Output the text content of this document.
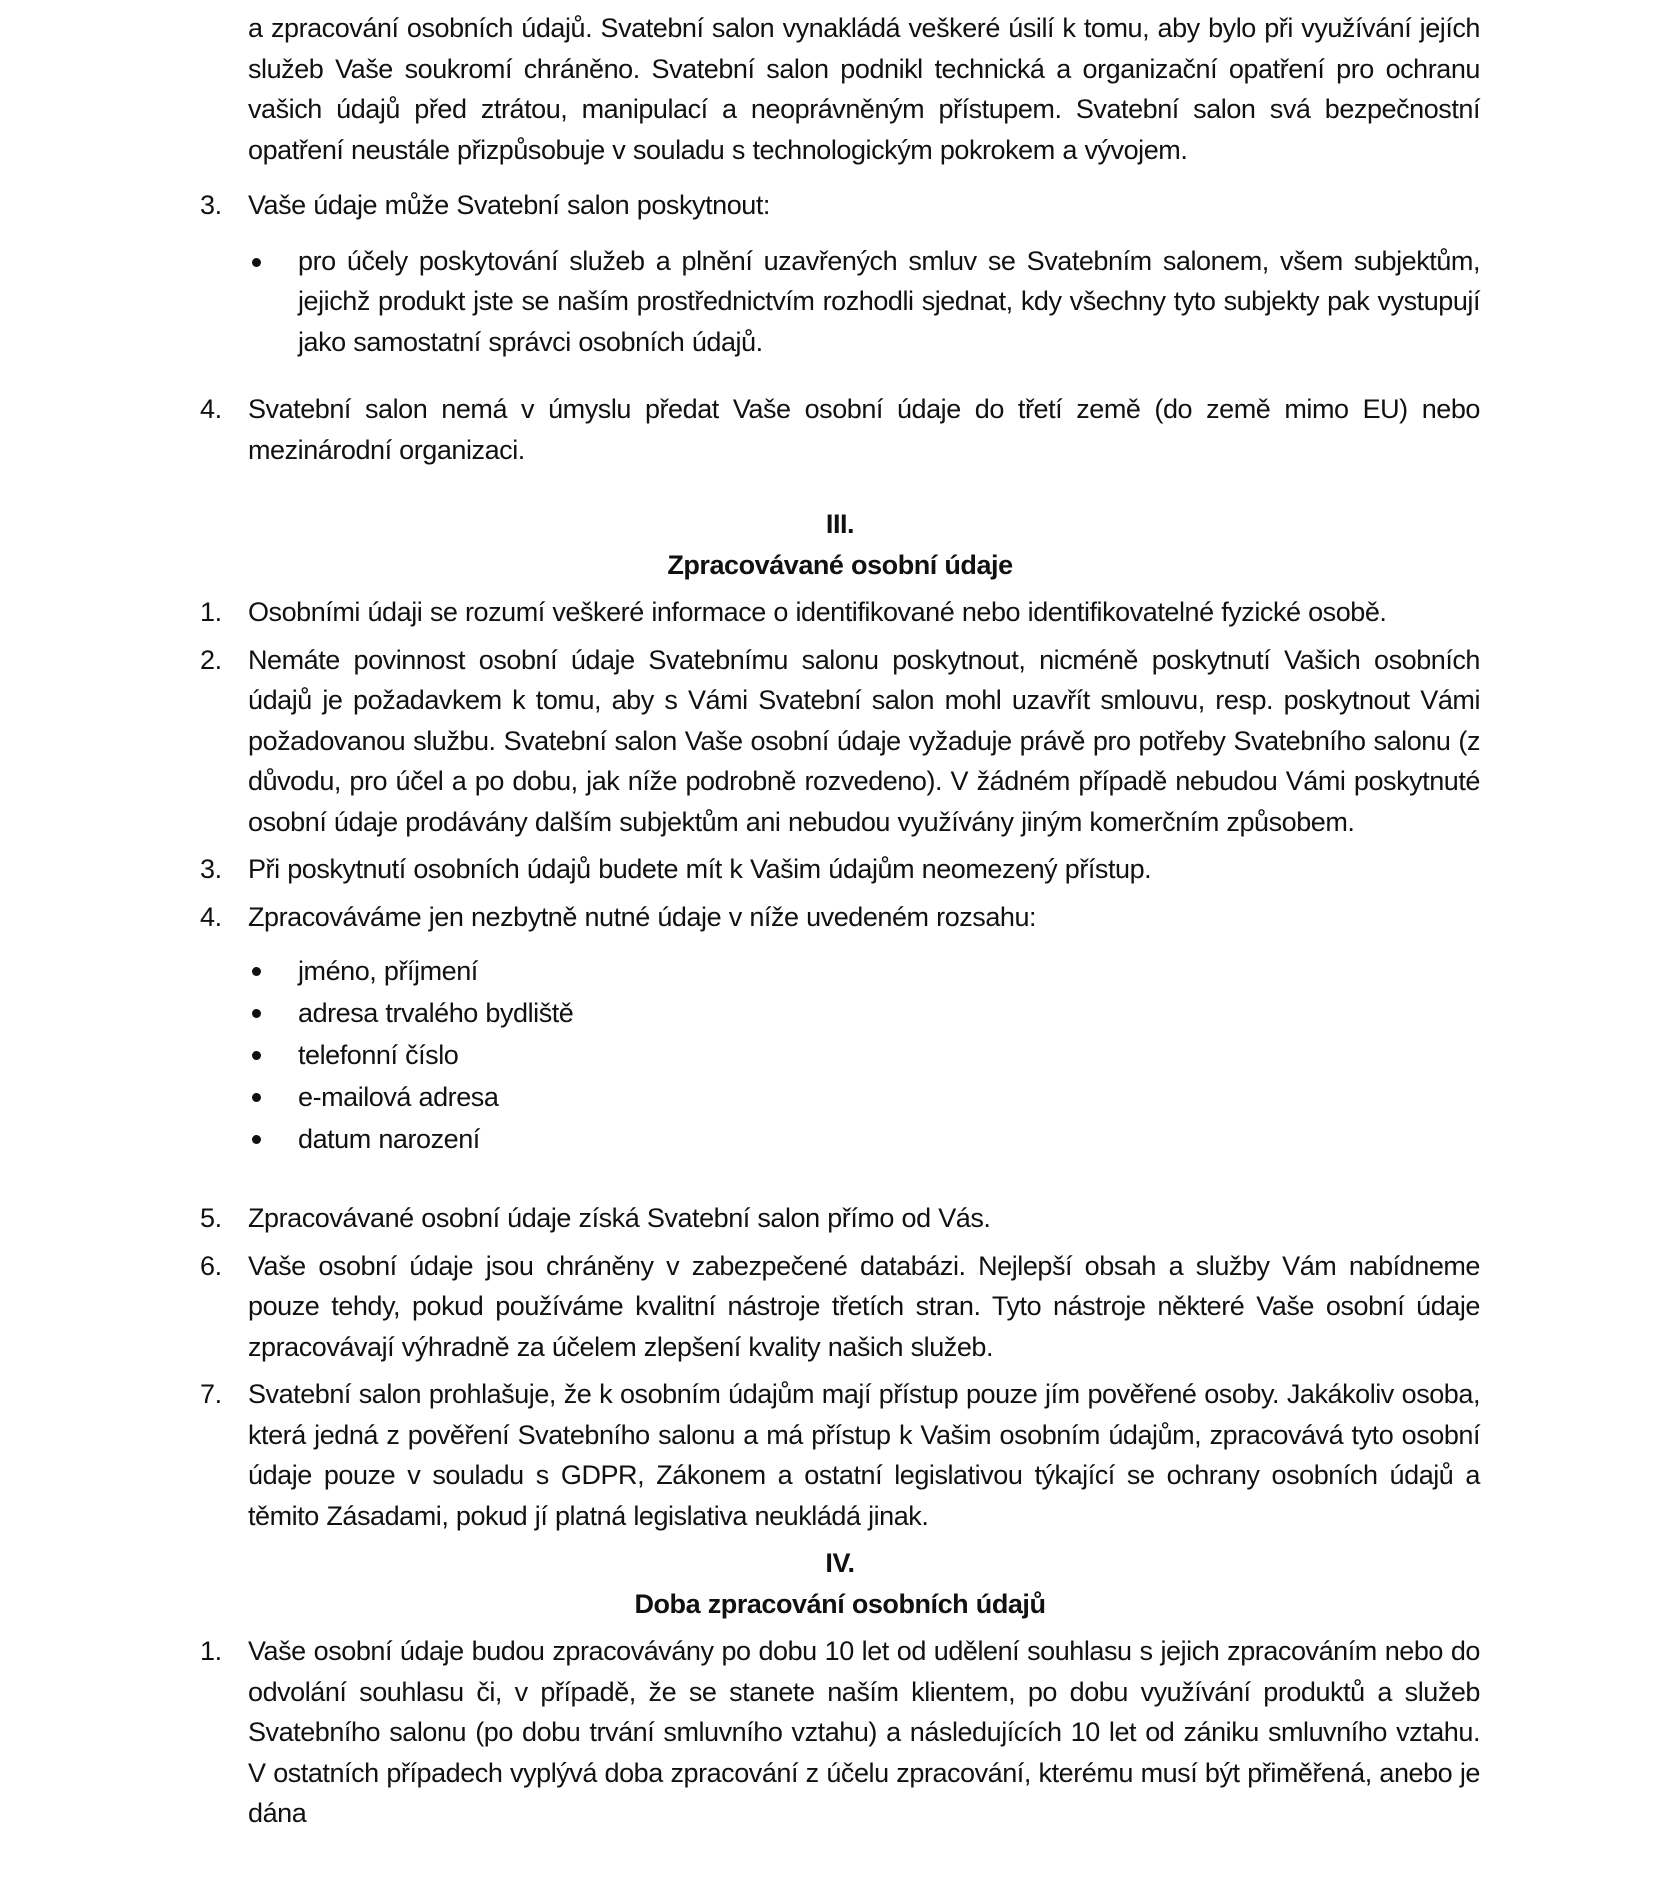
a zpracování osobních údajů. Svatební salon vynakládá veškeré úsilí k tomu, aby bylo při využívání jejích služeb Vaše soukromí chráněno. Svatební salon podnikl technická a organizační opatření pro ochranu vašich údajů před ztrátou, manipulací a neoprávněným přístupem. Svatební salon svá bezpečnostní opatření neustále přizpůsobuje v souladu s technologickým pokrokem a vývojem.

3. Vaše údaje může Svatební salon poskytnout:

pro účely poskytování služeb a plnění uzavřených smluv se Svatebním salonem, všem subjektům, jejichž produkt jste se naším prostřednictvím rozhodli sjednat, kdy všechny tyto subjekty pak vystupují jako samostatní správci osobních údajů.

4. Svatební salon nemá v úmyslu předat Vaše osobní údaje do třetí země (do země mimo EU) nebo mezinárodní organizaci.

III.

Zpracovávané osobní údaje

1. Osobními údaji se rozumí veškeré informace o identifikované nebo identifikovatelné fyzické osobě.

2. Nemáte povinnost osobní údaje Svatebnímu salonu poskytnout, nicméně poskytnutí Vašich osobních údajů je požadavkem k tomu, aby s Vámi Svatební salon mohl uzavřít smlouvu, resp. poskytnout Vámi požadovanou službu. Svatební salon Vaše osobní údaje vyžaduje právě pro potřeby Svatebního salonu (z důvodu, pro účel a po dobu, jak níže podrobně rozvedeno). V žádném případě nebudou Vámi poskytnuté osobní údaje prodávány dalším subjektům ani nebudou využívány jiným komerčním způsobem.

3. Při poskytnutí osobních údajů budete mít k Vašim údajům neomezený přístup.

4. Zpracováváme jen nezbytně nutné údaje v níže uvedeném rozsahu:

jméno, příjmení
adresa trvalého bydliště
telefonní číslo
e-mailová adresa
datum narození
5. Zpracovávané osobní údaje získá Svatební salon přímo od Vás.

6. Vaše osobní údaje jsou chráněny v zabezpečené databázi. Nejlepší obsah a služby Vám nabídneme pouze tehdy, pokud používáme kvalitní nástroje třetích stran. Tyto nástroje některé Vaše osobní údaje zpracovávají výhradně za účelem zlepšení kvality našich služeb.

7. Svatební salon prohlašuje, že k osobním údajům mají přístup pouze jím pověřené osoby. Jakákoliv osoba, která jedná z pověření Svatebního salonu a má přístup k Vašim osobním údajům, zpracovává tyto osobní údaje pouze v souladu s GDPR, Zákonem a ostatní legislativou týkající se ochrany osobních údajů a těmito Zásadami, pokud jí platná legislativa neukládá jinak.

IV.

Doba zpracování osobních údajů

1. Vaše osobní údaje budou zpracovávány po dobu 10 let od udělení souhlasu s jejich zpracováním nebo do odvolání souhlasu či, v případě, že se stanete naším klientem, po dobu využívání produktů a služeb Svatebního salonu (po dobu trvání smluvního vztahu) a následujících 10 let od zániku smluvního vztahu. V ostatních případech vyplývá doba zpracování z účelu zpracování, kterému musí být přiměřená, anebo je dána
